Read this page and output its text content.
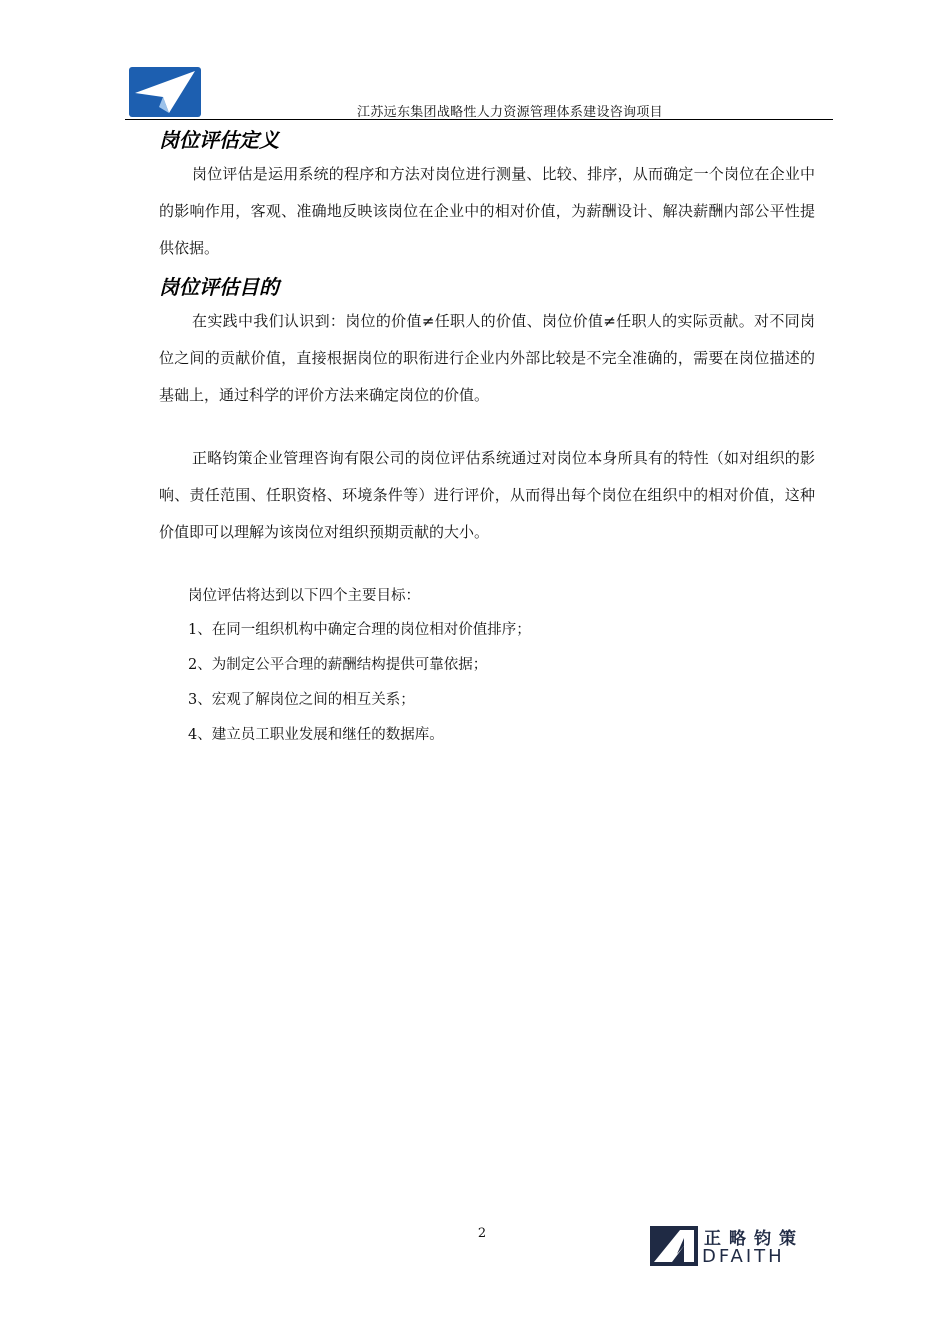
江苏远东集团战略性人力资源管理体系建设咨询项目
岗位评估定义

岗位评估是运用系统的程序和方法对岗位进行测量、比较、排序，从而确定一个岗位在企业中的影响作用，客观、准确地反映该岗位在企业中的相对价值，为薪酬设计、解决薪酬内部公平性提供依据。

岗位评估目的

在实践中我们认识到：岗位的价值≠任职人的价值、岗位价值≠任职人的实际贡献。对不同岗位之间的贡献价值，直接根据岗位的职衔进行企业内外部比较是不完全准确的，需要在岗位描述的基础上，通过科学的评价方法来确定岗位的价值。

正略钧策企业管理咨询有限公司的岗位评估系统通过对岗位本身所具有的特性（如对组织的影响、责任范围、任职资格、环境条件等）进行评价，从而得出每个岗位在组织中的相对价值，这种价值即可以理解为该岗位对组织预期贡献的大小。

岗位评估将达到以下四个主要目标：

1、在同一组织机构中确定合理的岗位相对价值排序；

2、为制定公平合理的薪酬结构提供可靠依据；

3、宏观了解岗位之间的相互关系；

4、建立员工职业发展和继任的数据库。

2	正略钧策
DFAITH
